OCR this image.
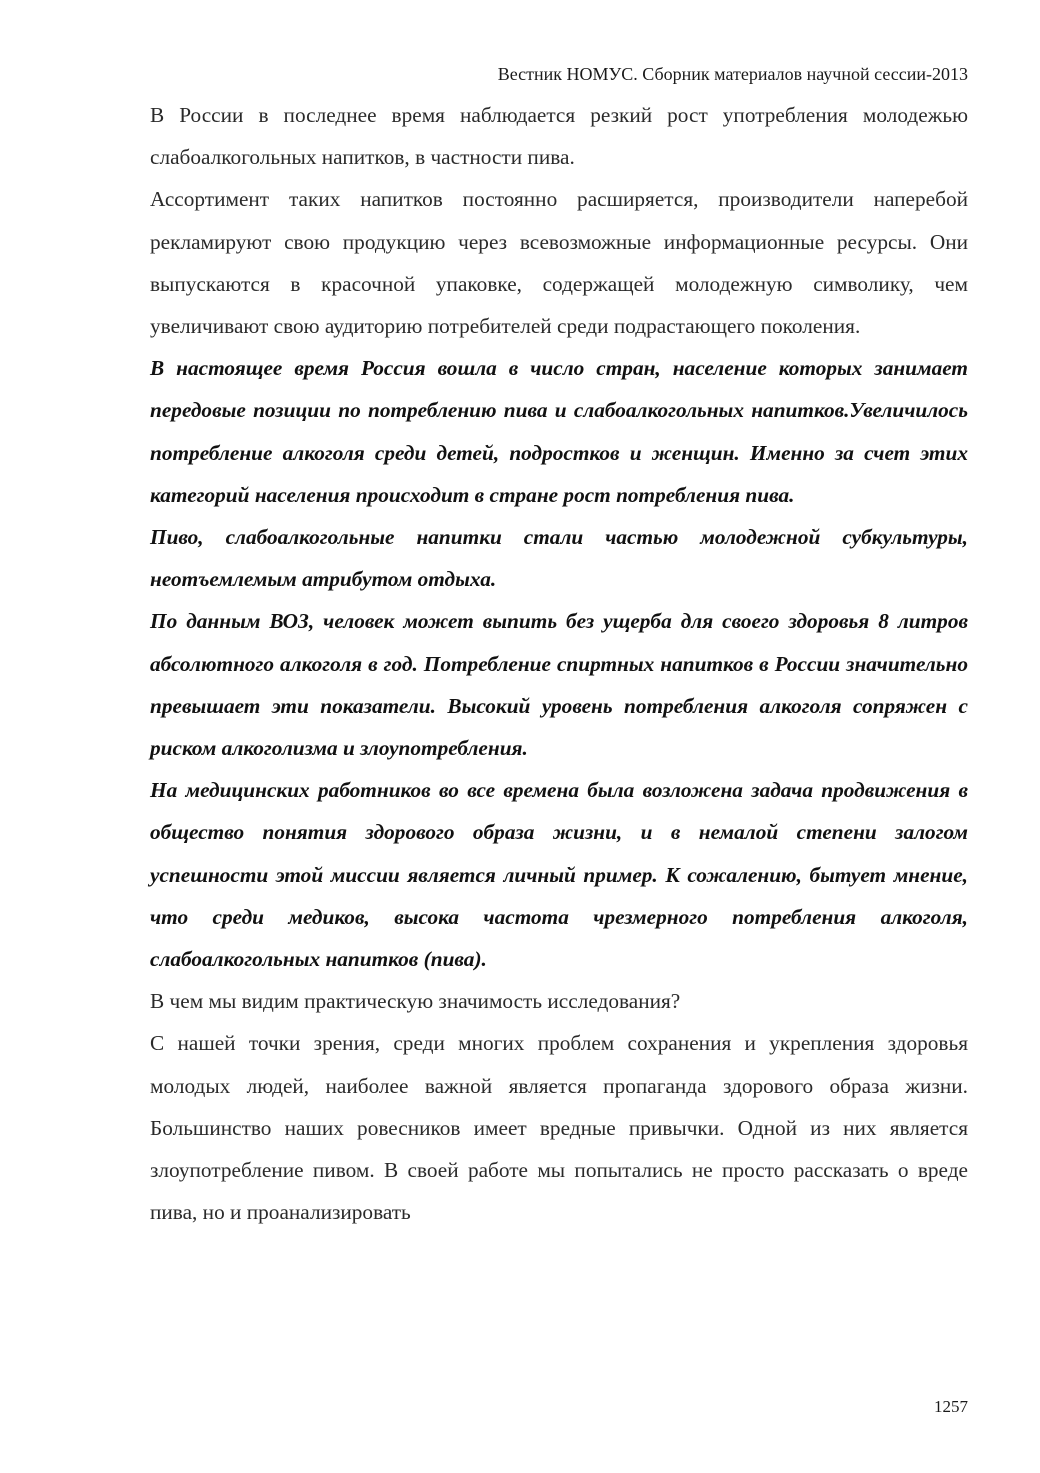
Вестник НОМУС. Сборник материалов научной сессии-2013

В России в последнее время наблюдается резкий рост употребления молодежью слабоалкогольных напитков, в частности пива.

Ассортимент таких напитков постоянно расширяется, производители наперебой рекламируют свою продукцию через всевозможные информационные ресурсы. Они выпускаются в красочной упаковке, содержащей молодежную символику, чем увеличивают свою аудиторию потребителей среди подрастающего поколения.

В настоящее время Россия вошла в число стран, население которых занимает передовые позиции по потреблению пива и слабоалкогольных напитков.Увеличилось потребление алкоголя среди детей, подростков и женщин. Именно за счет этих категорий населения происходит в стране рост потребления пива.

Пиво, слабоалкогольные напитки стали частью молодежной субкультуры, неотъемлемым атрибутом отдыха.

По данным ВОЗ, человек может выпить без ущерба для своего здоровья 8 литров абсолютного алкоголя в год. Потребление спиртных напитков в России значительно превышает эти показатели. Высокий уровень потребления алкоголя сопряжен с риском алкоголизма и злоупотребления.

На медицинских работников во все времена была возложена задача продвижения в общество понятия здорового образа жизни, и в немалой степени залогом успешности этой миссии является личный пример. К сожалению, бытует мнение, что среди медиков, высока частота чрезмерного потребления алкоголя, слабоалкогольных напитков (пива).

В чем мы видим практическую значимость исследования?

С нашей точки зрения, среди многих проблем сохранения и укрепления здоровья молодых людей, наиболее важной является пропаганда здорового образа жизни. Большинство наших ровесников имеет вредные привычки. Одной из них является злоупотребление пивом. В своей работе мы попытались не просто рассказать о вреде пива, но и проанализировать

1257
